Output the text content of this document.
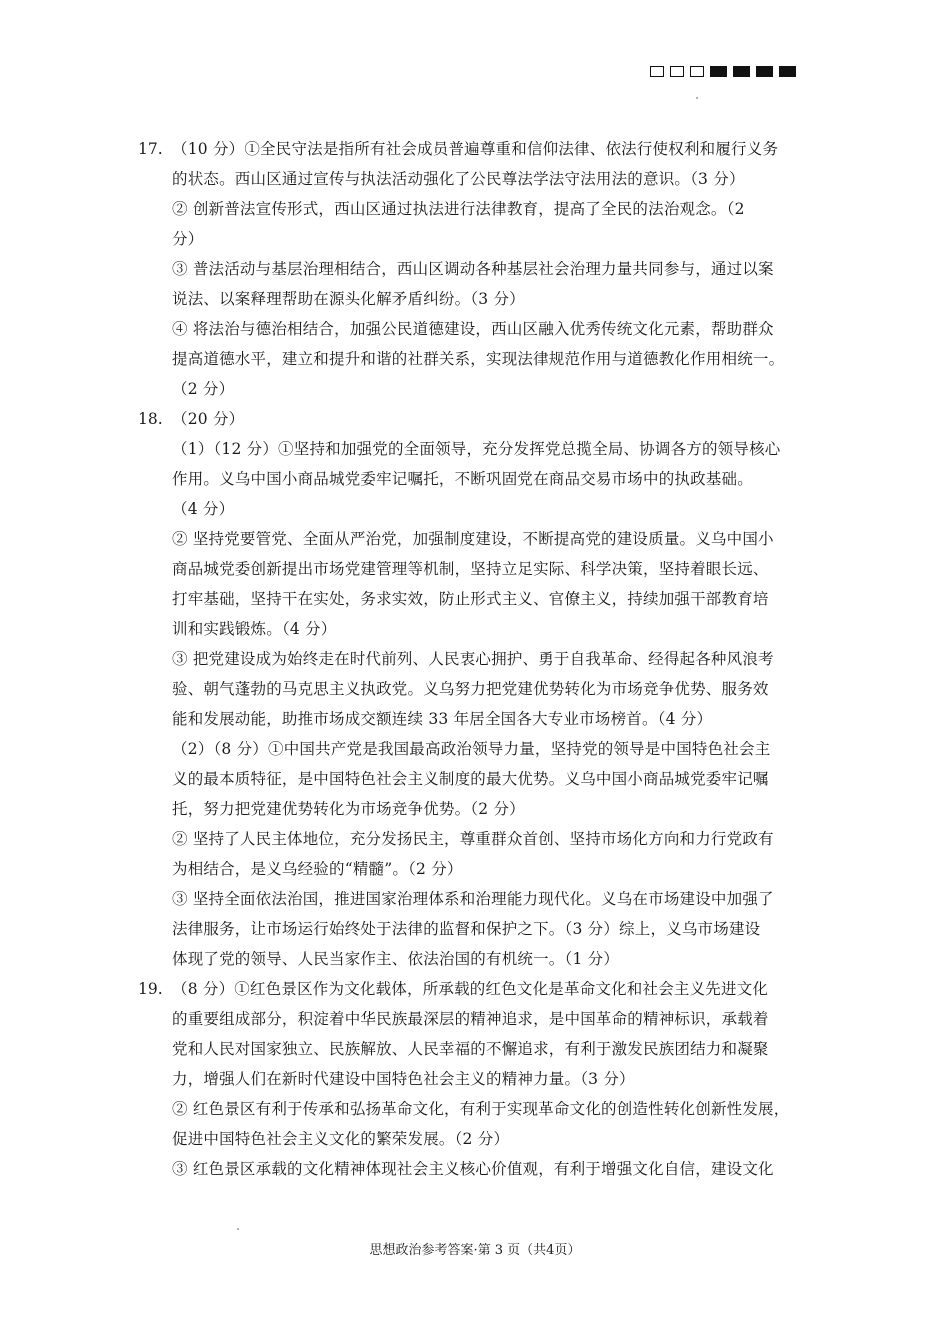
17. （10 分）①全民守法是指所有社会成员普遍尊重和信仰法律、依法行使权利和履行义务
的状态。西山区通过宣传与执法活动强化了公民尊法学法守法用法的意识。（3 分）
② 创新普法宣传形式，西山区通过执法进行法律教育，提高了全民的法治观念。（2
分）
③ 普法活动与基层治理相结合，西山区调动各种基层社会治理力量共同参与，通过以案
说法、以案释理帮助在源头化解矛盾纠纷。（3 分）
④ 将法治与德治相结合，加强公民道德建设，西山区融入优秀传统文化元素，帮助群众
提高道德水平，建立和提升和谐的社群关系，实现法律规范作用与道德教化作用相统一。
（2 分）
18. （20 分）
（1）（12 分）①坚持和加强党的全面领导，充分发挥党总揽全局、协调各方的领导核心
作用。义乌中国小商品城党委牢记嘱托，不断巩固党在商品交易市场中的执政基础。
（4 分）
② 坚持党要管党、全面从严治党，加强制度建设，不断提高党的建设质量。义乌中国小
商品城党委创新提出市场党建管理等机制，坚持立足实际、科学决策，坚持着眼长远、
打牢基础，坚持干在实处，务求实效，防止形式主义、官僚主义，持续加强干部教育培
训和实践锻炼。（4 分）
③ 把党建设成为始终走在时代前列、人民衷心拥护、勇于自我革命、经得起各种风浪考
验、朝气蓬勃的马克思主义执政党。义乌努力把党建优势转化为市场竞争优势、服务效
能和发展动能，助推市场成交额连续 33 年居全国各大专业市场榜首。（4 分）
（2）（8 分）①中国共产党是我国最高政治领导力量，坚持党的领导是中国特色社会主
义的最本质特征，是中国特色社会主义制度的最大优势。义乌中国小商品城党委牢记嘱
托，努力把党建优势转化为市场竞争优势。（2 分）
② 坚持了人民主体地位，充分发扬民主，尊重群众首创、坚持市场化方向和力行党政有
为相结合，是义乌经验的“精髓”。（2 分）
③ 坚持全面依法治国，推进国家治理体系和治理能力现代化。义乌在市场建设中加强了
法律服务，让市场运行始终处于法律的监督和保护之下。（3 分）综上，义乌市场建设
体现了党的领导、人民当家作主、依法治国的有机统一。（1 分）
19. （8 分）①红色景区作为文化载体，所承载的红色文化是革命文化和社会主义先进文化
的重要组成部分，积淀着中华民族最深层的精神追求，是中国革命的精神标识，承载着
党和人民对国家独立、民族解放、人民幸福的不懈追求，有利于激发民族团结力和凝聚
力，增强人们在新时代建设中国特色社会主义的精神力量。（3 分）
② 红色景区有利于传承和弘扬革命文化，有利于实现革命文化的创造性转化创新性发展，
促进中国特色社会主义文化的繁荣发展。（2 分）
③ 红色景区承载的文化精神体现社会主义核心价值观，有利于增强文化自信，建设文化
思想政治参考答案·第 3 页（共4页）
